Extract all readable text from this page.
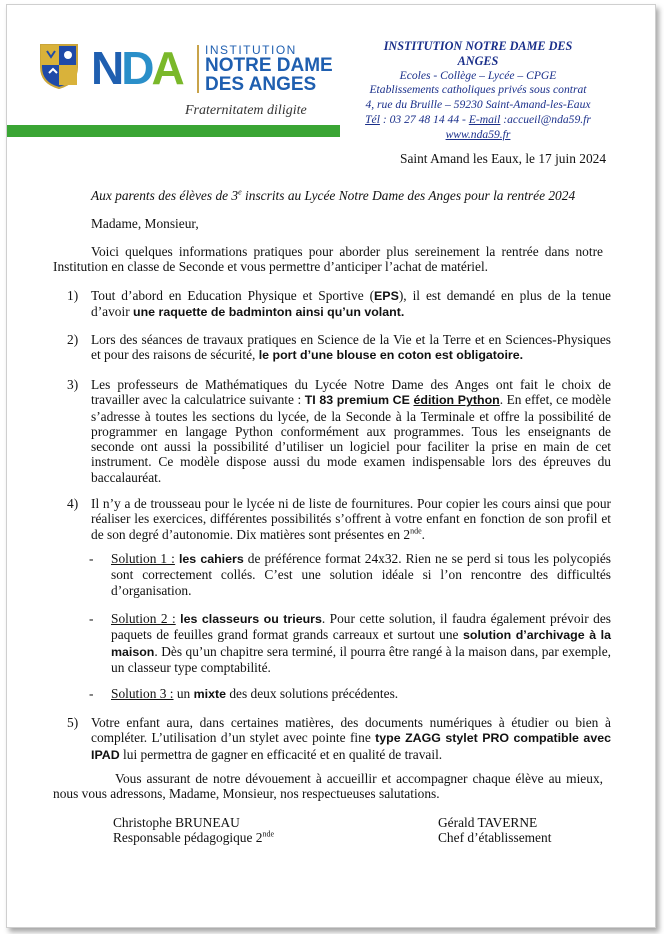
NDA INSTITUTION
NOTRE DAME
DES ANGES
Fraternitatem diligite
INSTITUTION NOTRE DAME DES ANGES
Ecoles - Collège – Lycée – CPGE
Etablissements catholiques privés sous contrat
4, rue du Bruille – 59230 Saint-Amand-les-Eaux
Tél : 03 27 48 14 44 - E-mail :accueil@nda59.fr
www.nda59.fr
Saint Amand les Eaux, le 17 juin 2024
Aux parents des élèves de 3e inscrits au Lycée Notre Dame des Anges pour la rentrée 2024
Madame, Monsieur,
Voici quelques informations pratiques pour aborder plus sereinement la rentrée dans notre Institution en classe de Seconde et vous permettre d’anticiper l’achat de matériel.
1) Tout d’abord en Education Physique et Sportive (EPS), il est demandé en plus de la tenue d’avoir une raquette de badminton ainsi qu’un volant.
2) Lors des séances de travaux pratiques en Science de la Vie et la Terre et en Sciences-Physiques et pour des raisons de sécurité, le port d’une blouse en coton est obligatoire.
3) Les professeurs de Mathématiques du Lycée Notre Dame des Anges ont fait le choix de travailler avec la calculatrice suivante : TI 83 premium CE édition Python. En effet, ce modèle s’adresse à toutes les sections du lycée, de la Seconde à la Terminale et offre la possibilité de programmer en langage Python conformément aux programmes. Tous les enseignants de seconde ont aussi la possibilité d’utiliser un logiciel pour faciliter la prise en main de cet instrument. Ce modèle dispose aussi du mode examen indispensable lors des épreuves du baccalauréat.
4) Il n’y a de trousseau pour le lycée ni de liste de fournitures. Pour copier les cours ainsi que pour réaliser les exercices, différentes possibilités s’offrent à votre enfant en fonction de son profil et de son degré d’autonomie. Dix matières sont présentes en 2nde.
- Solution 1 : les cahiers de préférence format 24x32. Rien ne se perd si tous les polycopiés sont correctement collés. C’est une solution idéale si l’on rencontre des difficultés d’organisation.
- Solution 2 : les classeurs ou trieurs. Pour cette solution, il faudra également prévoir des paquets de feuilles grand format grands carreaux et surtout une solution d’archivage à la maison. Dès qu’un chapitre sera terminé, il pourra être rangé à la maison dans, par exemple, un classeur type comptabilité.
- Solution 3 : un mixte des deux solutions précédentes.
5) Votre enfant aura, dans certaines matières, des documents numériques à étudier ou bien à compléter. L’utilisation d’un stylet avec pointe fine type ZAGG stylet PRO compatible avec IPAD lui permettra de gagner en efficacité et en qualité de travail.
Vous assurant de notre dévouement à accueillir et accompagner chaque élève au mieux, nous vous adressons, Madame, Monsieur, nos respectueuses salutations.
Christophe BRUNEAU
Responsable pédagogique 2nde
Gérald TAVERNE
Chef d’établissement
